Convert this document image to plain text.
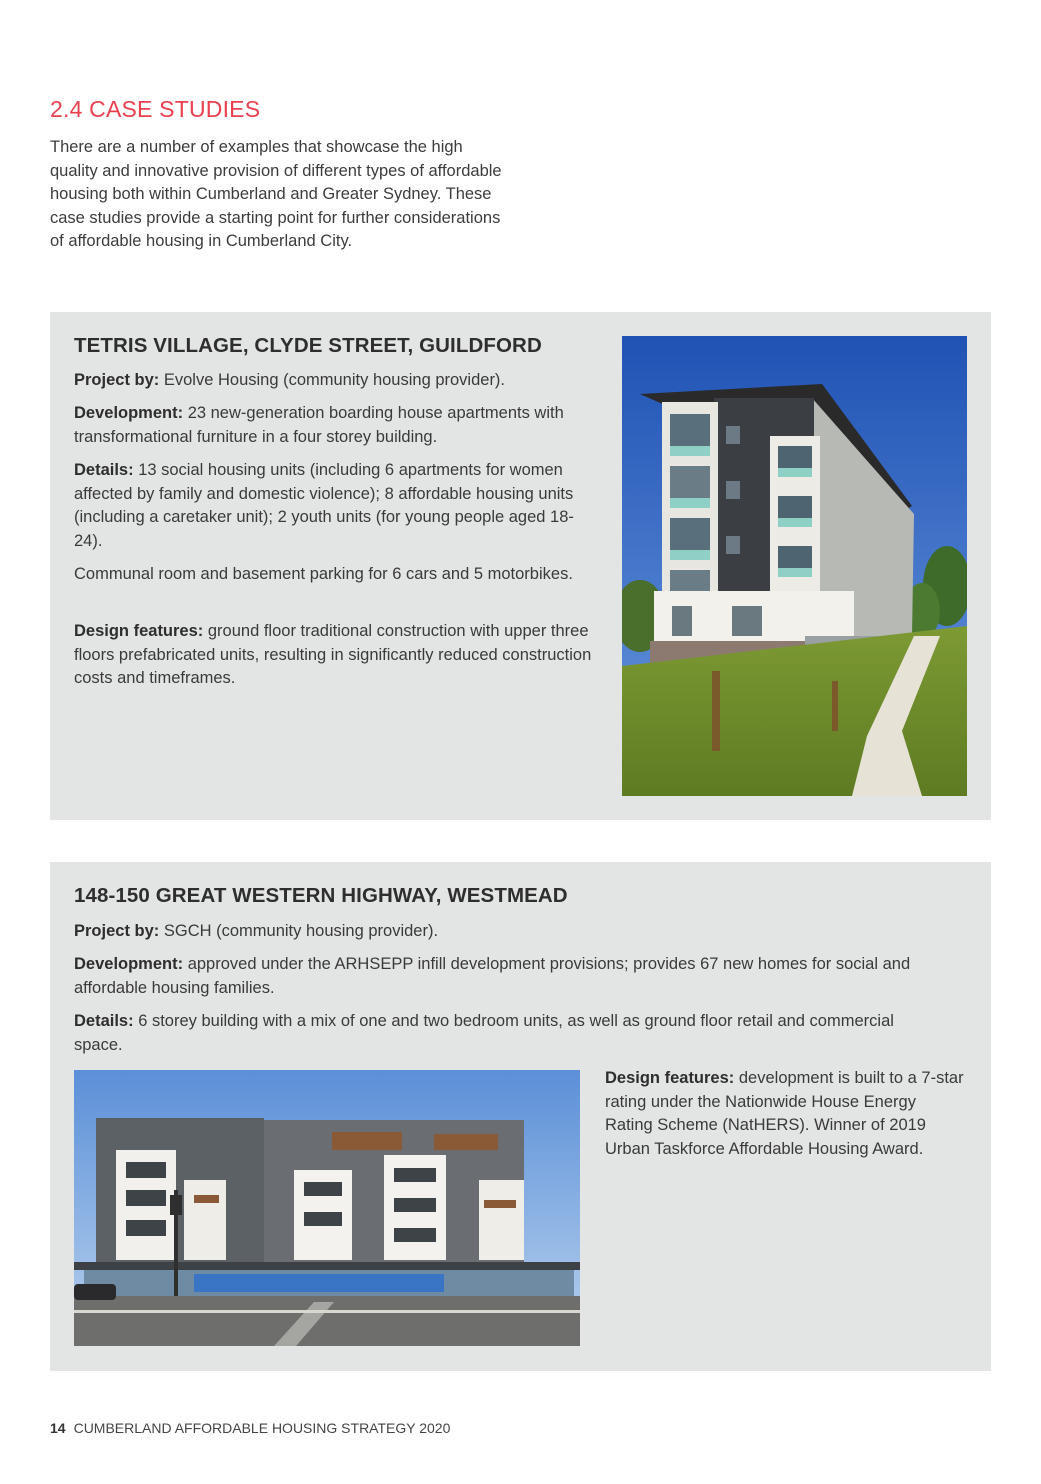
2.4 CASE STUDIES

There are a number of examples that showcase the high quality and innovative provision of different types of affordable housing both within Cumberland and Greater Sydney. These case studies provide a starting point for further considerations of affordable housing in Cumberland City.

TETRIS VILLAGE, CLYDE STREET, GUILDFORD

Project by: Evolve Housing (community housing provider).

Development: 23 new-generation boarding house apartments with transformational furniture in a four storey building.

Details: 13 social housing units (including 6 apartments for women affected by family and domestic violence); 8 affordable housing units (including a caretaker unit); 2 youth units (for young people aged 18- 24).

Communal room and basement parking for 6 cars and 5 motorbikes.

Design features: ground floor traditional construction with upper three floors prefabricated units, resulting in significantly reduced construction costs and timeframes.

148-150 GREAT WESTERN HIGHWAY, WESTMEAD

Project by: SGCH (community housing provider).

Development: approved under the ARHSEPP infill development provisions; provides 67 new homes for social and affordable housing families.

Details: 6 storey building with a mix of one and two bedroom units, as well as ground floor retail and commercial space.

Design features: development is built to a 7-star rating under the Nationwide House Energy Rating Scheme (NatHERS). Winner of 2019 Urban Taskforce Affordable Housing Award.

14 CUMBERLAND AFFORDABLE HOUSING STRATEGY 2020
